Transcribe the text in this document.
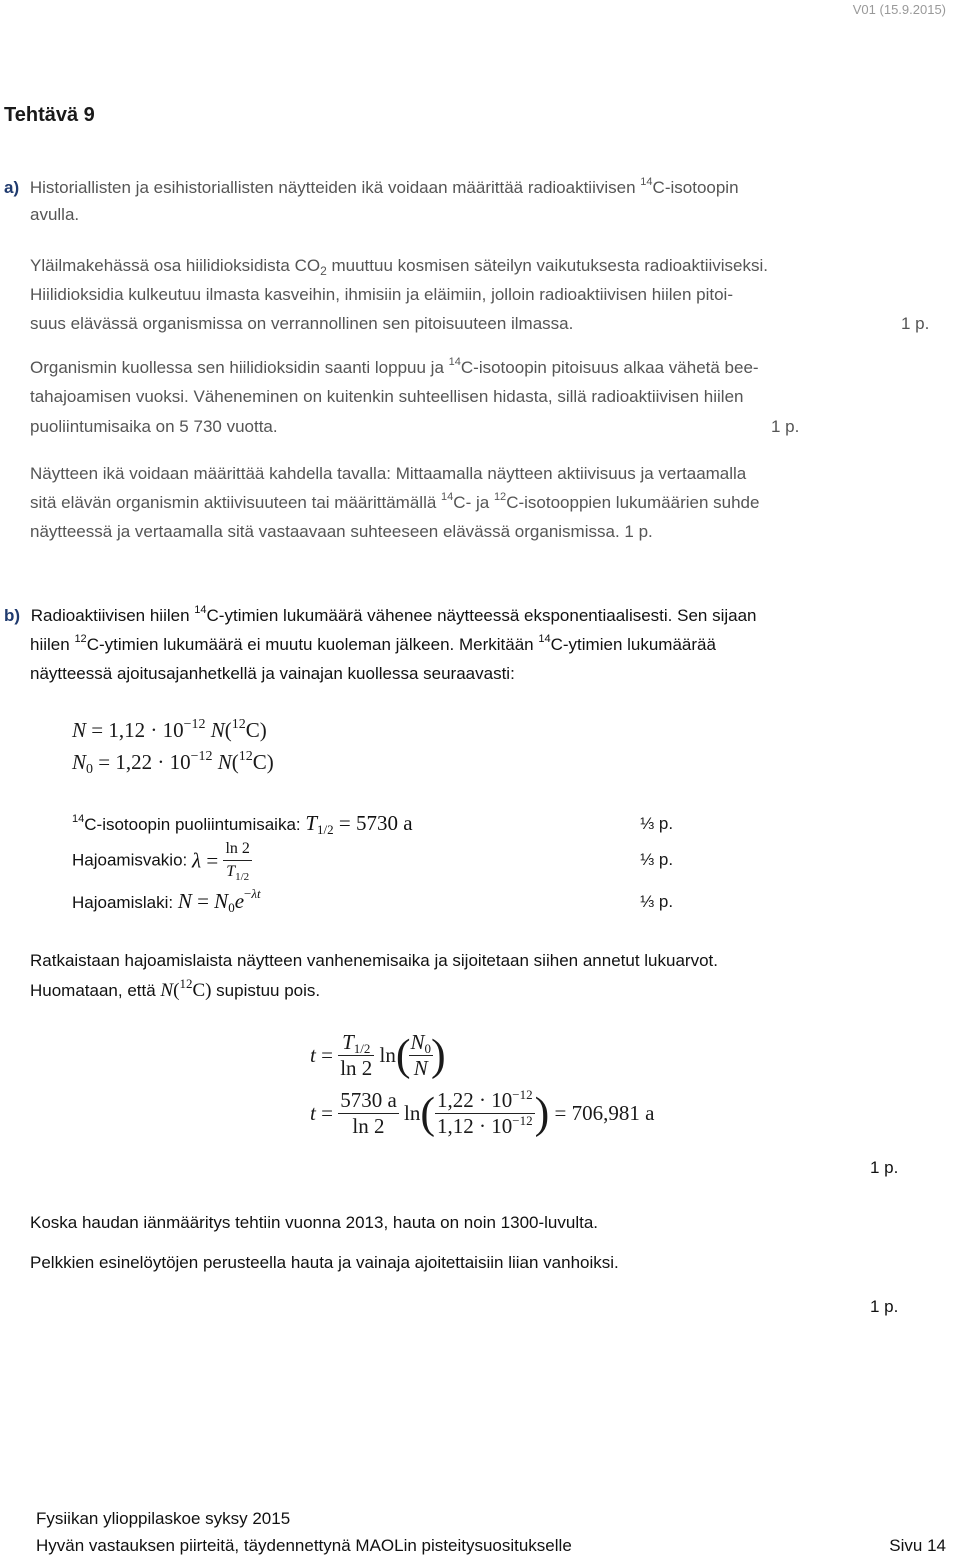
V01 (15.9.2015)
Tehtävä 9
a) Historiallisten ja esihistoriallisten näytteiden ikä voidaan määrittää radioaktiivisen $^{14}$C-isotoopin
avulla.
Yläilmakehässä osa hiilidioksidista $CO_2$ muuttuu kosmisen säteilyn vaikutuksesta radioaktiiviseksi.
Hiilidioksidia kulkeutuu ilmasta kasveihin, ihmisiin ja eläimiin, jolloin radioaktiivisen hiilen pitoi-
suus elävässä organismissa on verrannollinen sen pitoisuuteen ilmassa.	1 p.
Organismin kuollessa sen hiilidioksidin saanti loppuu ja $^{14}$C-isotoopin pitoisuus alkaa vähetä bee-
tahajoamisen vuoksi. Väheneminen on kuitenkin suhteellisen hidasta, sillä radioaktiivisen hiilen
puoliintumisaika on 5 730 vuotta.	1 p.
Näytteen ikä voidaan määrittää kahdella tavalla: Mittaamalla näytteen aktiivisuus ja vertaamalla
sitä elävän organismin aktiivisuuteen tai määrittämällä $^{14}$C- ja $^{12}$C-isotooppien lukumäärien suhde
näytteessä ja vertaamalla sitä vastaavaan suhteeseen elävässä organismissa. 1 p.
b) Radioaktiivisen hiilen $^{14}$C-ytimien lukumäärä vähenee näytteessä eksponentiaalisesti. Sen sijaan
hiilen $^{12}$C-ytimien lukumäärä ei muutu kuoleman jälkeen. Merkitään $^{14}$C-ytimien lukumäärää
näytteessä ajoitusajanhetkellä ja vainajan kuollessa seuraavasti:
$N = 1,12 \cdot 10^{-12}$ N($^{12}$C)
$N_0 = 1,22 \cdot 10^{-12}$ N($^{12}$C)
$^{14}$C-isotoopin puoliintumisaika: $T_{1/2} = 5730$ a	⅓ p.
Hajoamisvakio: $\lambda = \frac{\ln 2}{T_{1/2}}$	⅓ p.
Hajoamislaki: $N = N_0e^{-\lambda t}$	⅓ p.
Ratkaistaan hajoamislaista näytteen vanhenemisaika ja sijoitetaan siihen annetut lukuarvot.
Huomataan, että N($^{12}$C) supistuu pois.
$t = \frac{T_{1/2}}{\ln 2} \ln$(
$\frac{N_0}{N}$
)
$t = \frac{5730 a}{\ln 2} \ln( \frac{1,22 \cdot 10^{-12}}{1,12 \cdot 10^{-12}}$ ) = 706,981 a
1 p.
Koska haudan iänmääritys tehtiin vuonna 2013, hauta on noin 1300-luvulta.
Pelkkien esinelöytöjen perusteella hauta ja vainaja ajoitettaisiin liian vanhoiksi.
1 p.
Fysiikan ylioppilaskoe syksy 2015
Hyvän vastauksen piirteitä, täydennettynä MAOLin pisteitysuositukselle	Sivu 14
